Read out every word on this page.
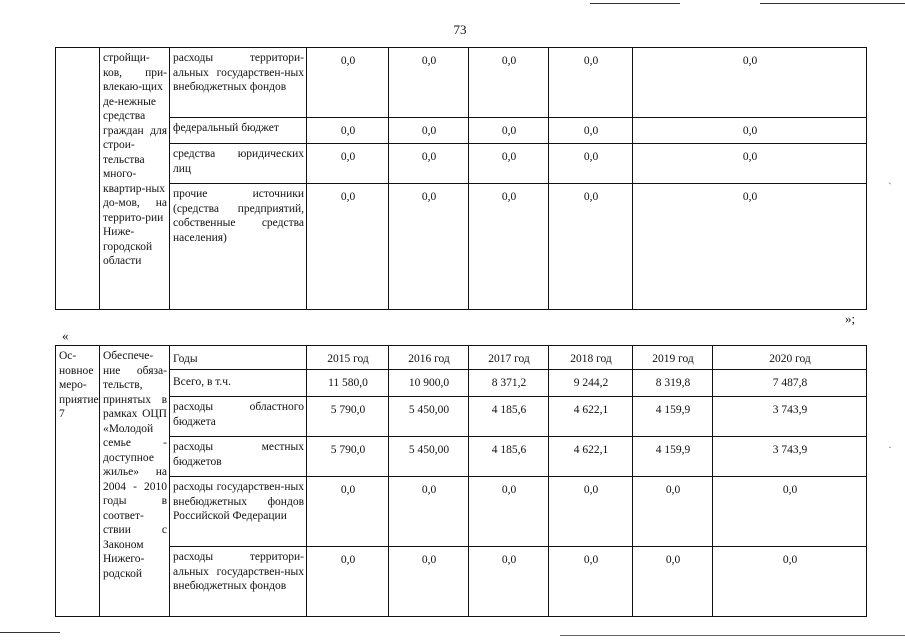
73
`
·
	стройщи-ков, при-влекаю-щих де-нежные средства граждан для строи-тельства много-квартир-ных до-мов, на террито-рии Ниже-городской области	расходы территори-альных государствен-ных внебюджетных фондов	0,0	0,0	0,0	0,0	0,0
		федеральный бюджет	0,0	0,0	0,0	0,0	0,0
		средства юридических лиц	0,0	0,0	0,0	0,0	0,0
		прочие источники (средства предприятий, собственные средства населения)	0,0	0,0	0,0	0,0	0,0
»;
«
Ос-новное меро-приятие 7	Обеспече-ние обяза-тельств, принятых в рамках ОЦП «Молодой семье - доступное жилье» на 2004 - 2010 годы в соответ-ствии с Законом Нижего-родской	Годы	2015 год	2016 год	2017 год	2018 год	2019 год	2020 год
		Всего, в т.ч.	11 580,0	10 900,0	8 371,2	9 244,2	8 319,8	7 487,8
		расходы областного бюджета	5 790,0	5 450,00	4 185,6	4 622,1	4 159,9	3 743,9
		расходы местных бюджетов	5 790,0	5 450,00	4 185,6	4 622,1	4 159,9	3 743,9
		расходы государствен-ных внебюджетных фондов Российской Федерации	0,0	0,0	0,0	0,0	0,0	0,0
		расходы территори-альных государствен-ных внебюджетных фондов	0,0	0,0	0,0	0,0	0,0	0,0
